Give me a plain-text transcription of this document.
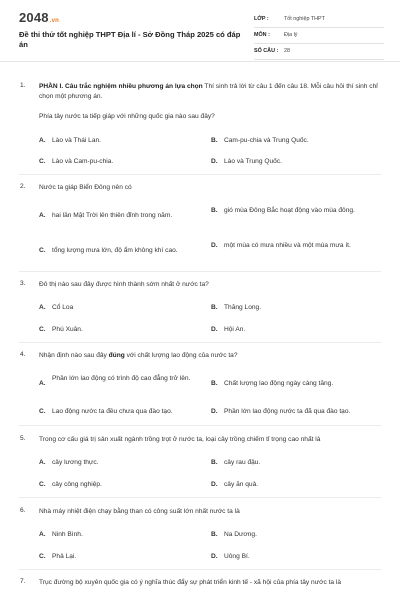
2048.vn
Đề thi thử tốt nghiệp THPT Địa lí - Sở Đồng Tháp 2025 có đáp án
LỚP :	Tốt nghiệp THPT
MÔN :	Địa lý
SỐ CÂU : 28
1. PHẦN I. Câu trắc nghiệm nhiều phương án lựa chọn Thí sinh trả lời từ câu 1 đến câu 18. Mỗi câu hỏi thí sinh chỉ chọn một phương án.
Phía tây nước ta tiếp giáp với những quốc gia nào sau đây?
A. Lào và Thái Lan.	B. Cam-pu-chia và Trung Quốc.
C. Lào và Cam-pu-chia.	D. Lào và Trung Quốc.
2. Nước ta giáp Biển Đông nên có
A. hai lần Mặt Trời lên thiên đỉnh trong năm.
B. gió mùa Đông Bắc hoạt động vào mùa đông.
C. tổng lượng mưa lớn, độ ẩm không khí cao.
D. một mùa có mưa nhiều và một mùa mưa ít.
3. Đô thị nào sau đây được hình thành sớm nhất ở nước ta?
A. Cổ Loa	B. Thăng Long.
C. Phú Xuân.	D. Hội An.
4. Nhận định nào sau đây đúng với chất lượng lao động của nước ta?
A.
Phần lớn lao động có trình độ cao đẳng trở lên.
B. Chất lượng lao động ngày càng tăng.
C. Lao động nước ta đều chưa qua đào tạo.	D. Phần lớn lao động nước ta đã qua đào tạo.
5. Trong cơ cấu giá trị sản xuất ngành trồng trọt ở nước ta, loại cây trồng chiếm tỉ trọng cao nhất là
A. cây lương thực.	B. cây rau đậu.
C. cây công nghiệp.	D. cây ăn quả.
6. Nhà máy nhiệt điện chạy bằng than có công suất lớn nhất nước ta là
A. Ninh Bình.	B. Na Dương.
C. Phả Lại.	D. Uông Bí.
7. Trục đường bộ xuyên quốc gia có ý nghĩa thúc đẩy sự phát triển kinh tế - xã hội của phía tây nước ta là
